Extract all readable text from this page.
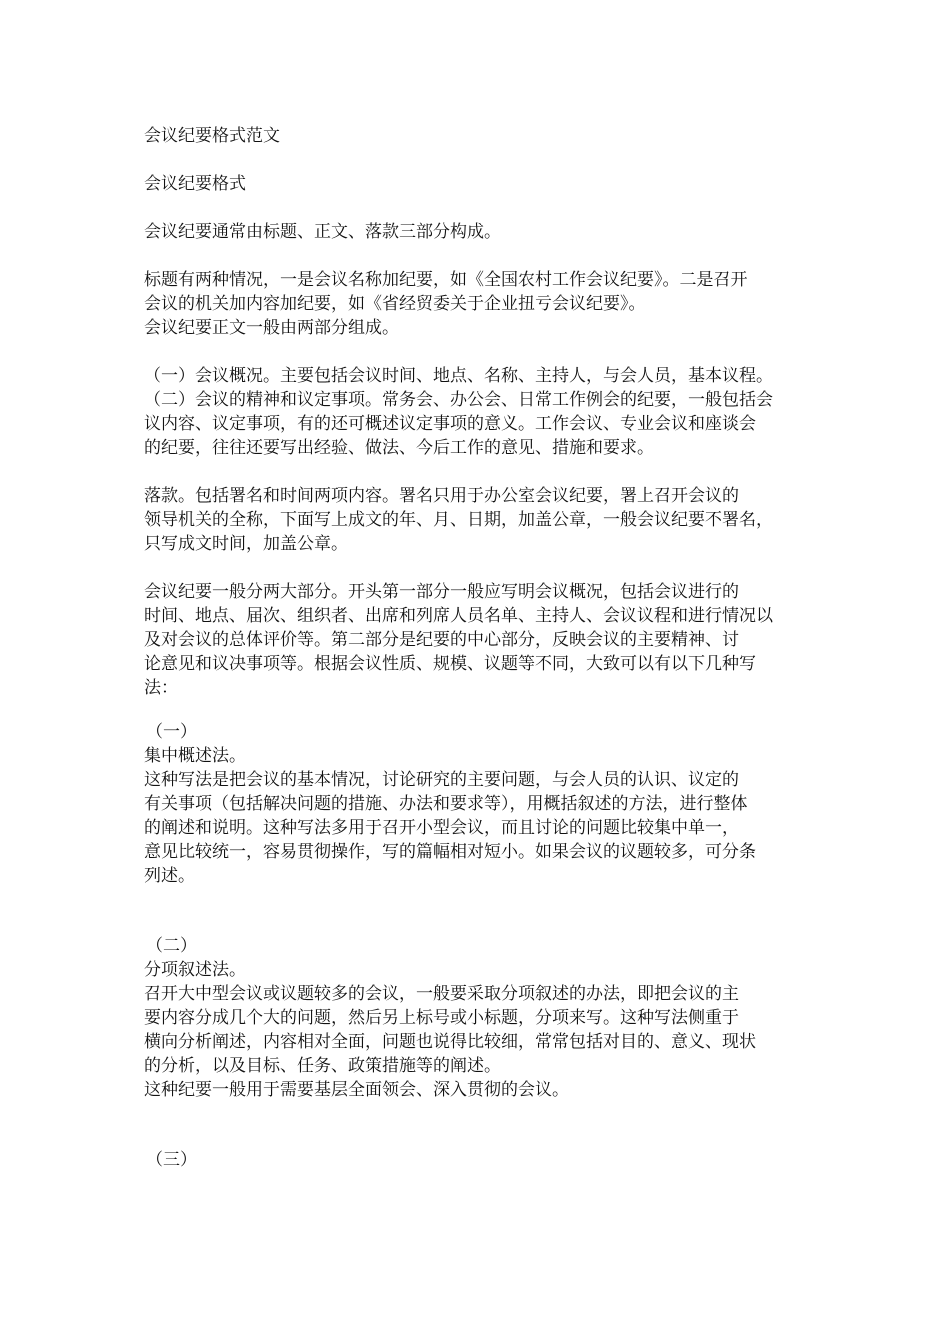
会议纪要格式范文
会议纪要格式
会议纪要通常由标题、正文、落款三部分构成。
标题有两种情况，一是会议名称加纪要，如《全国农村工作会议纪要》。二是召开
会议的机关加内容加纪要，如《省经贸委关于企业扭亏会议纪要》。
会议纪要正文一般由两部分组成。
（一）会议概况。主要包括会议时间、地点、名称、主持人，与会人员，基本议程。
（二）会议的精神和议定事项。常务会、办公会、日常工作例会的纪要，一般包括会
议内容、议定事项，有的还可概述议定事项的意义。工作会议、专业会议和座谈会
的纪要，往往还要写出经验、做法、今后工作的意见、措施和要求。
落款。包括署名和时间两项内容。署名只用于办公室会议纪要，署上召开会议的
领导机关的全称，下面写上成文的年、月、日期，加盖公章，一般会议纪要不署名，
只写成文时间，加盖公章。
会议纪要一般分两大部分。开头第一部分一般应写明会议概况，包括会议进行的
时间、地点、届次、组织者、出席和列席人员名单、主持人、会议议程和进行情况以
及对会议的总体评价等。第二部分是纪要的中心部分，反映会议的主要精神、讨
论意见和议决事项等。根据会议性质、规模、议题等不同，大致可以有以下几种写
法：
（一）
集中概述法。
这种写法是把会议的基本情况，讨论研究的主要问题，与会人员的认识、议定的
有关事项（包括解决问题的措施、办法和要求等），用概括叙述的方法，进行整体
的阐述和说明。这种写法多用于召开小型会议，而且讨论的问题比较集中单一，
意见比较统一，容易贯彻操作，写的篇幅相对短小。如果会议的议题较多，可分条
列述。
（二）
分项叙述法。
召开大中型会议或议题较多的会议，一般要采取分项叙述的办法，即把会议的主
要内容分成几个大的问题，然后另上标号或小标题，分项来写。这种写法侧重于
横向分析阐述，内容相对全面，问题也说得比较细，常常包括对目的、意义、现状
的分析，以及目标、任务、政策措施等的阐述。
这种纪要一般用于需要基层全面领会、深入贯彻的会议。
（三）
